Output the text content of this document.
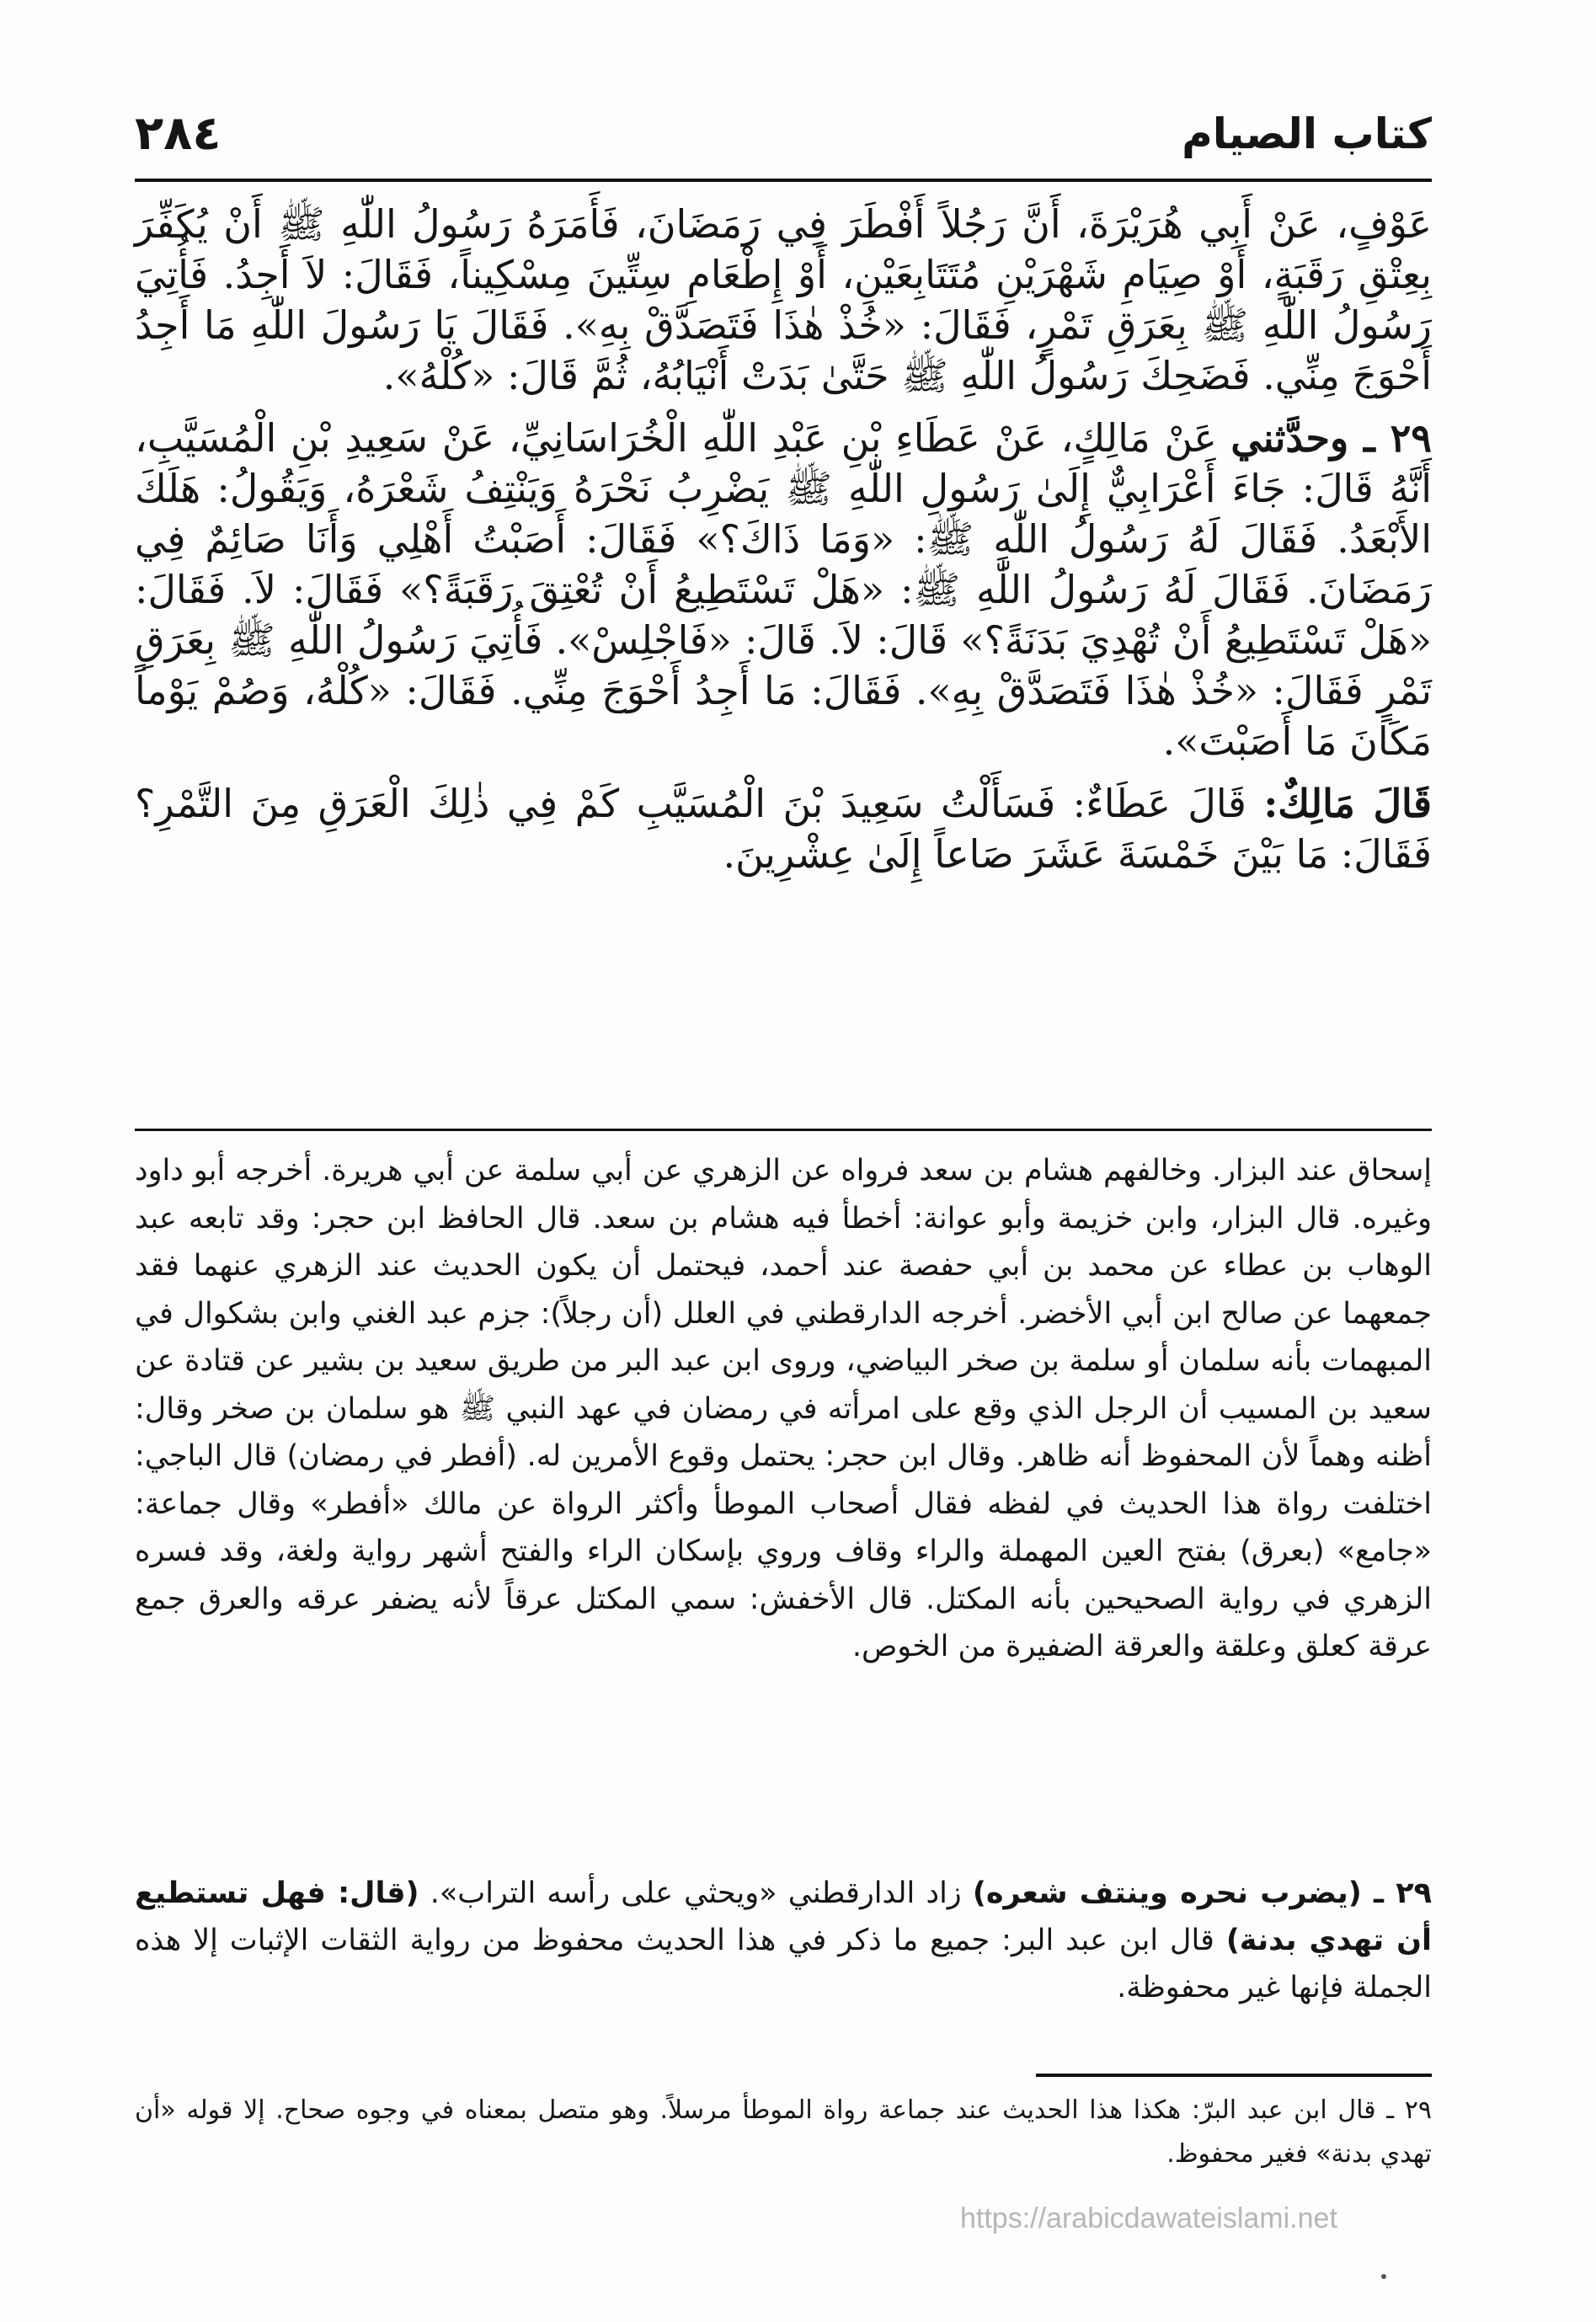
كتاب الصيام
٢٨٤

عَوْفٍ، عَنْ أَبِي هُرَيْرَةَ، أَنَّ رَجُلاً أَفْطَرَ فِي رَمَضَانَ، فَأَمَرَهُ رَسُولُ اللّٰهِ ﷺ أَنْ يُكَفِّرَ بِعِتْقِ رَقَبَةٍ، أَوْ صِيَامِ شَهْرَيْنِ مُتَتَابِعَيْنِ، أَوْ إِطْعَامِ سِتِّينَ مِسْكِيناً، فَقَالَ: لاَ أَجِدُ. فَأُتِيَ رَسُولُ اللّٰهِ ﷺ بِعَرَقِ تَمْرٍ، فَقَالَ: «خُذْ هٰذَا فَتَصَدَّقْ بِهِ». فَقَالَ يَا رَسُولَ اللّٰهِ مَا أَجِدُ أَحْوَجَ مِنِّي. فَضَحِكَ رَسُولُ اللّٰهِ ﷺ حَتَّىٰ بَدَتْ أَنْيَابُهُ، ثُمَّ قَالَ: «كُلْهُ».

٢٩ ـ وحدَّثني عَنْ مَالِكٍ، عَنْ عَطَاءِ بْنِ عَبْدِ اللّٰهِ الْخُرَاسَانِيِّ، عَنْ سَعِيدِ بْنِ الْمُسَيَّبِ، أَنَّهُ قَالَ: جَاءَ أَعْرَابِيٌّ إِلَىٰ رَسُولِ اللّٰهِ ﷺ يَضْرِبُ نَحْرَهُ وَيَنْتِفُ شَعْرَهُ، وَيَقُولُ: هَلَكَ الأَبْعَدُ. فَقَالَ لَهُ رَسُولُ اللّٰهِ ﷺ: «وَمَا ذَاكَ؟» فَقَالَ: أَصَبْتُ أَهْلِي وَأَنَا صَائِمٌ فِي رَمَضَانَ. فَقَالَ لَهُ رَسُولُ اللّٰهِ ﷺ: «هَلْ تَسْتَطِيعُ أَنْ تُعْتِقَ رَقَبَةً؟» فَقَالَ: لاَ. فَقَالَ: «هَلْ تَسْتَطِيعُ أَنْ تُهْدِيَ بَدَنَةً؟» قَالَ: لاَ. قَالَ: «فَاجْلِسْ». فَأُتِيَ رَسُولُ اللّٰهِ ﷺ بِعَرَقِ تَمْرٍ فَقَالَ: «خُذْ هٰذَا فَتَصَدَّقْ بِهِ». فَقَالَ: مَا أَجِدُ أَحْوَجَ مِنِّي. فَقَالَ: «كُلْهُ، وَصُمْ يَوْماً مَكَانَ مَا أَصَبْتَ».

قَالَ مَالِكٌ: قَالَ عَطَاءٌ: فَسَأَلْتُ سَعِيدَ بْنَ الْمُسَيَّبِ كَمْ فِي ذٰلِكَ الْعَرَقِ مِنَ التَّمْرِ؟ فَقَالَ: مَا بَيْنَ خَمْسَةَ عَشَرَ صَاعاً إِلَىٰ عِشْرِينَ.

إسحاق عند البزار. وخالفهم هشام بن سعد فرواه عن الزهري عن أبي سلمة عن أبي هريرة. أخرجه أبو داود وغيره. قال البزار، وابن خزيمة وأبو عوانة: أخطأ فيه هشام بن سعد. قال الحافظ ابن حجر: وقد تابعه عبد الوهاب بن عطاء عن محمد بن أبي حفصة عند أحمد، فيحتمل أن يكون الحديث عند الزهري عنهما فقد جمعهما عن صالح ابن أبي الأخضر. أخرجه الدارقطني في العلل (أن رجلاً): جزم عبد الغني وابن بشكوال في المبهمات بأنه سلمان أو سلمة بن صخر البياضي، وروى ابن عبد البر من طريق سعيد بن بشير عن قتادة عن سعيد بن المسيب أن الرجل الذي وقع على امرأته في رمضان في عهد النبي ﷺ هو سلمان بن صخر وقال: أظنه وهماً لأن المحفوظ أنه ظاهر. وقال ابن حجر: يحتمل وقوع الأمرين له. (أفطر في رمضان) قال الباجي: اختلفت رواة هذا الحديث في لفظه فقال أصحاب الموطأ وأكثر الرواة عن مالك «أفطر» وقال جماعة: «جامع» (بعرق) بفتح العين المهملة والراء وقاف وروي بإسكان الراء والفتح أشهر رواية ولغة، وقد فسره الزهري في رواية الصحيحين بأنه المكتل. قال الأخفش: سمي المكتل عرقاً لأنه يضفر عرقه والعرق جمع عرقة كعلق وعلقة والعرقة الضفيرة من الخوص.

٢٩ ـ (يضرب نحره وينتف شعره) زاد الدارقطني «ويحثي على رأسه التراب». (قال: فهل تستطيع أن تهدي بدنة) قال ابن عبد البر: جميع ما ذكر في هذا الحديث محفوظ من رواية الثقات الإثبات إلا هذه الجملة فإنها غير محفوظة.

٢٩ ـ قال ابن عبد البرّ: هكذا هذا الحديث عند جماعة رواة الموطأ مرسلاً. وهو متصل بمعناه في وجوه صحاح. إلا قوله «أن تهدي بدنة» فغير محفوظ.

https://arabicdawateislami.net
